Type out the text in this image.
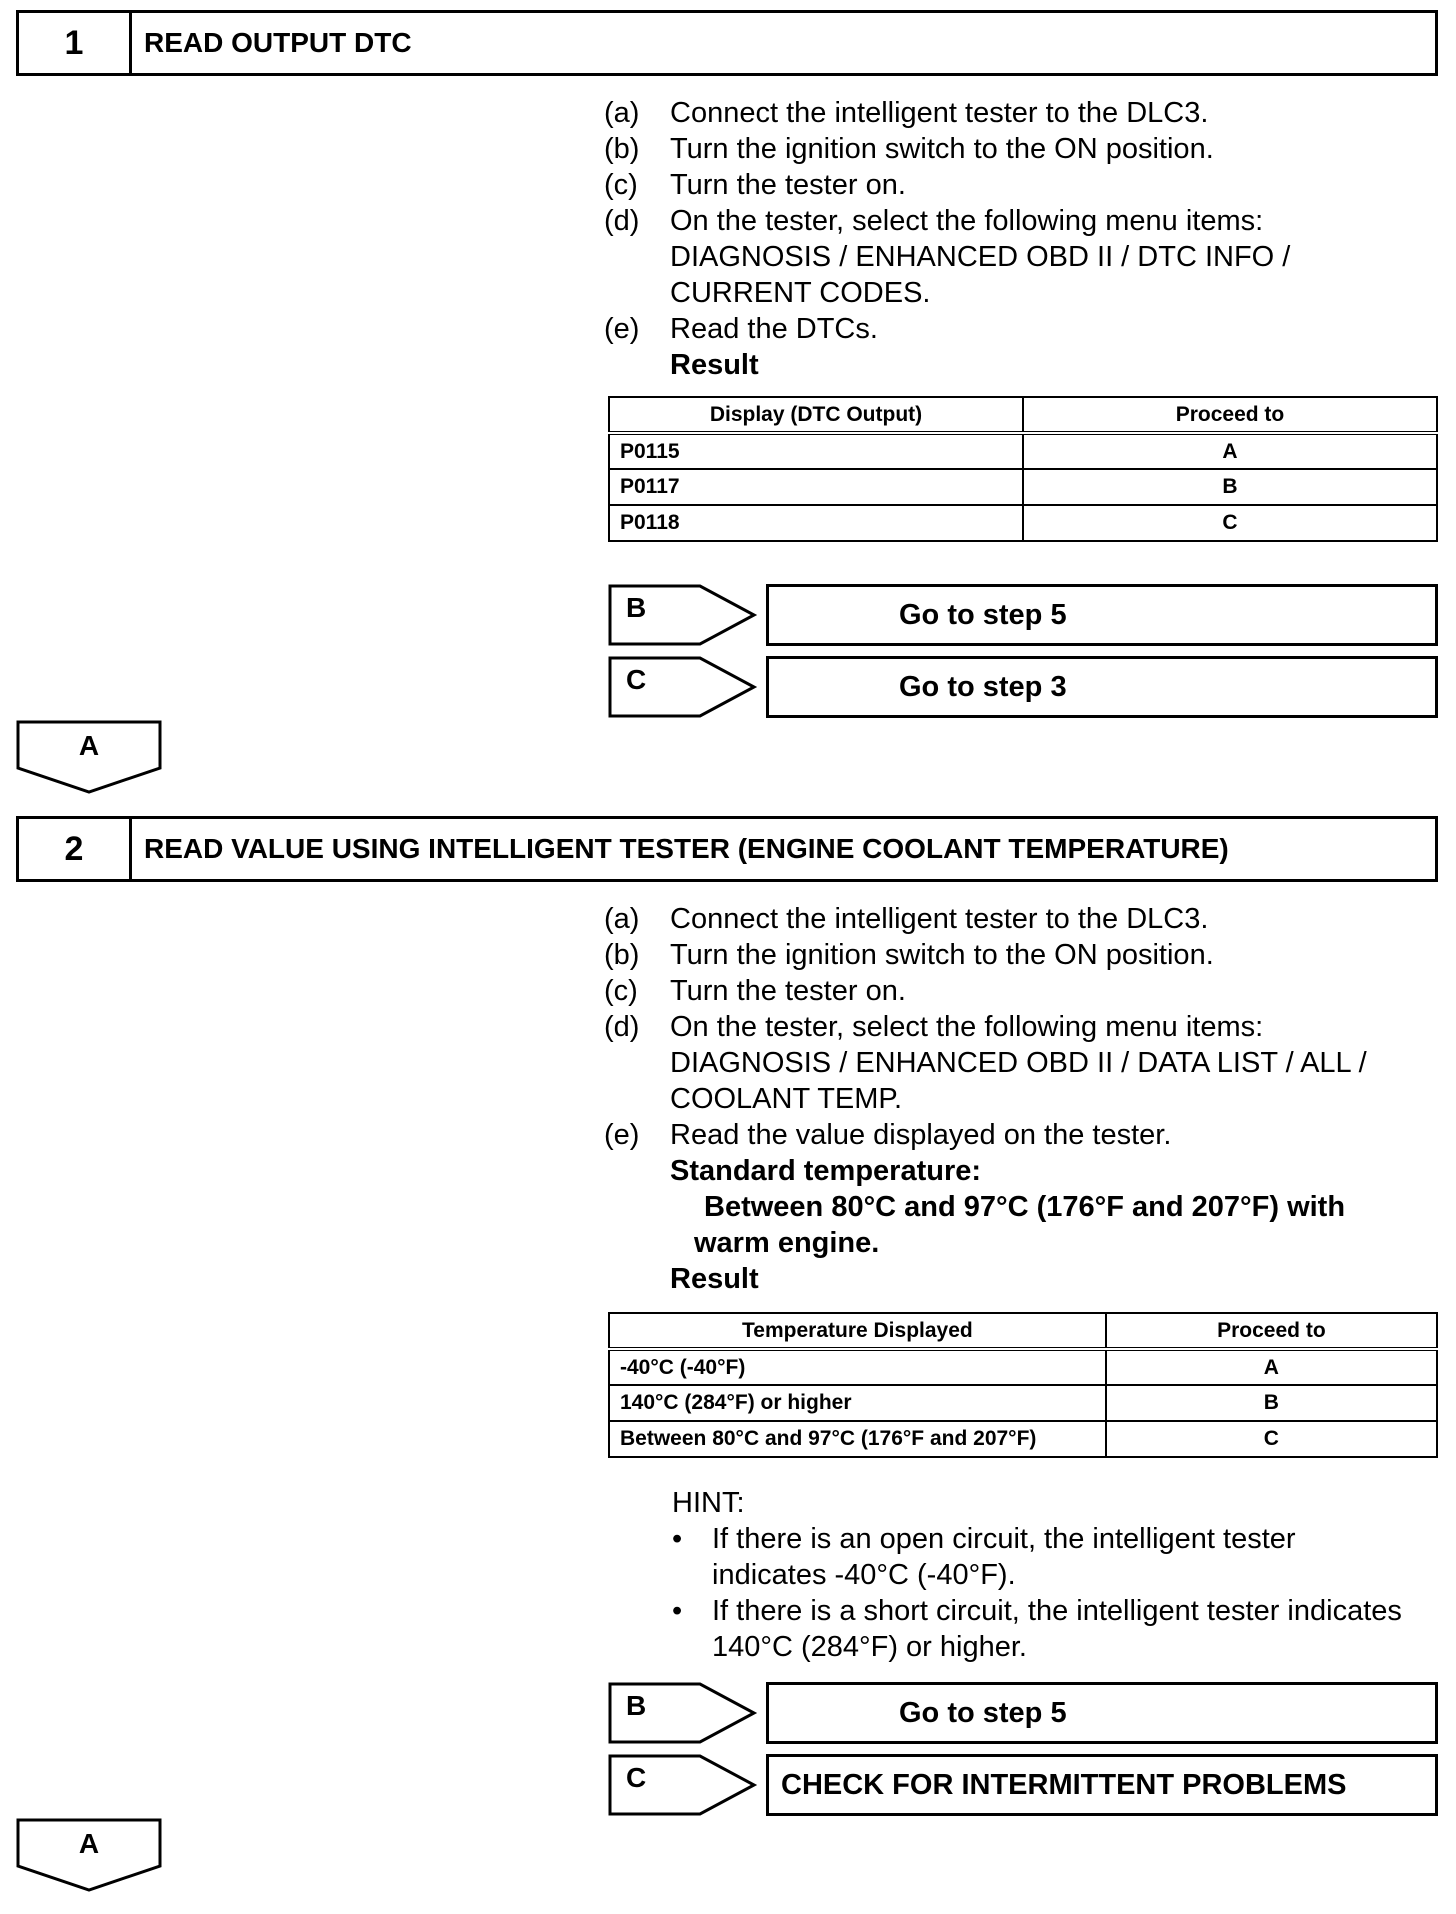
1	READ OUTPUT DTC
(a)	Connect the intelligent tester to the DLC3.
(b)	Turn the ignition switch to the ON position.
(c)	Turn the tester on.
(d)	On the tester, select the following menu items:
DIAGNOSIS / ENHANCED OBD II / DTC INFO /
CURRENT CODES.
(e)	Read the DTCs.
Result
Display (DTC Output)	Proceed to
P0115	A
P0117	B
P0118	C
B	Go to step 5
C	Go to step 3
A
2	READ VALUE USING INTELLIGENT TESTER (ENGINE COOLANT TEMPERATURE)
(a)	Connect the intelligent tester to the DLC3.
(b)	Turn the ignition switch to the ON position.
(c)	Turn the tester on.
(d)	On the tester, select the following menu items:
DIAGNOSIS / ENHANCED OBD II / DATA LIST / ALL /
COOLANT TEMP.
(e)	Read the value displayed on the tester.
Standard temperature:
Between 80°C and 97°C (176°F and 207°F) with
warm engine.
Result
Temperature Displayed	Proceed to
-40°C (-40°F)	A
140°C (284°F) or higher	B
Between 80°C and 97°C (176°F and 207°F)	C
HINT:
•	If there is an open circuit, the intelligent tester
indicates -40°C (-40°F).
•	If there is a short circuit, the intelligent tester indicates
140°C (284°F) or higher.
B	Go to step 5
C	CHECK FOR INTERMITTENT PROBLEMS
A
